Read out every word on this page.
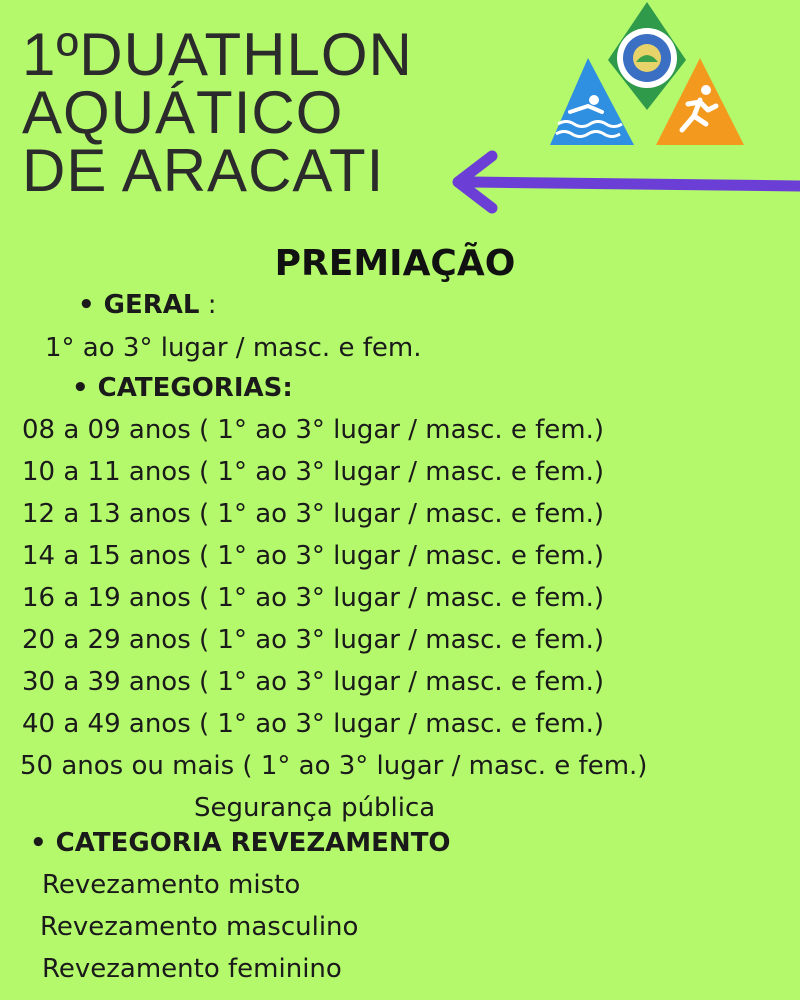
1ºDUATHLON
AQUÁTICO
DE ARACATI
PREMIAÇÃO
• GERAL :
1° ao 3° lugar / masc. e fem.
• CATEGORIAS:
08 a 09 anos ( 1° ao 3° lugar / masc. e fem.)
10 a 11 anos ( 1° ao 3° lugar / masc. e fem.)
12 a 13 anos ( 1° ao 3° lugar / masc. e fem.)
14 a 15 anos ( 1° ao 3° lugar / masc. e fem.)
16 a 19 anos ( 1° ao 3° lugar / masc. e fem.)
20 a 29 anos ( 1° ao 3° lugar / masc. e fem.)
30 a 39 anos ( 1° ao 3° lugar / masc. e fem.)
40 a 49 anos ( 1° ao 3° lugar / masc. e fem.)
50 anos ou mais ( 1° ao 3° lugar / masc. e fem.)
Segurança pública
• CATEGORIA REVEZAMENTO
Revezamento misto
Revezamento masculino
Revezamento feminino
